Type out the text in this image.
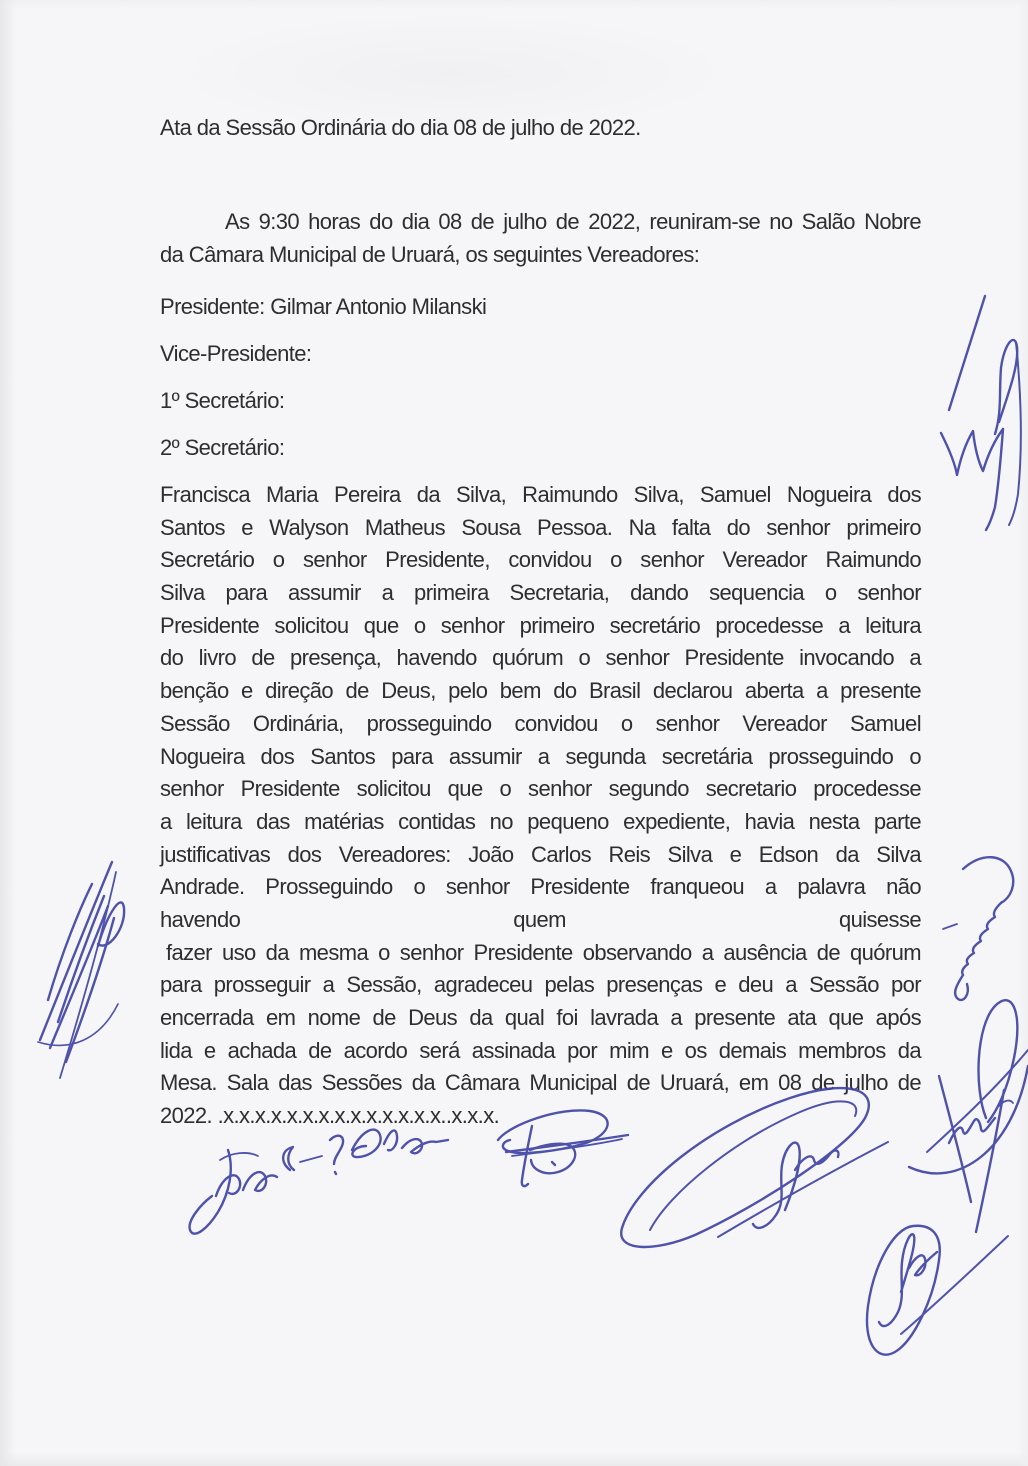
Ata da Sessão Ordinária do dia 08 de julho de 2022.
As 9:30 horas do dia 08 de julho de 2022, reuniram-se no Salão Nobre
da Câmara Municipal de Uruará, os seguintes Vereadores:
Presidente: Gilmar Antonio Milanski
Vice-Presidente:
1º Secretário:
2º Secretário:
Francisca Maria Pereira da Silva, Raimundo Silva, Samuel Nogueira dos
Santos e Walyson Matheus Sousa Pessoa. Na falta do senhor primeiro
Secretário o senhor Presidente, convidou o senhor Vereador Raimundo
Silva para assumir a primeira Secretaria, dando sequencia o senhor
Presidente solicitou que o senhor primeiro secretário procedesse a leitura
do livro de presença, havendo quórum o senhor Presidente invocando a
benção e direção de Deus, pelo bem do Brasil declarou aberta a presente
Sessão Ordinária, prosseguindo convidou o senhor Vereador Samuel
Nogueira dos Santos para assumir a segunda secretária prosseguindo o
senhor Presidente solicitou que o senhor segundo secretario procedesse
a leitura das matérias contidas no pequeno expediente, havia nesta parte
justificativas dos Vereadores: João Carlos Reis Silva e Edson da Silva
Andrade. Prosseguindo o senhor Presidente franqueou a palavra não
havendo quem quisesse
fazer uso da mesma o senhor Presidente observando a ausência de quórum
para prosseguir a Sessão, agradeceu pelas presenças e deu a Sessão por
encerrada em nome de Deus da qual foi lavrada a presente ata que após
lida e achada de acordo será assinada por mim e os demais membros da
Mesa. Sala das Sessões da Câmara Municipal de Uruará, em 08 de julho de
2022. .x.x.x.x.x.x.x.x.x.x.x.x.x.x..x.x.x.
